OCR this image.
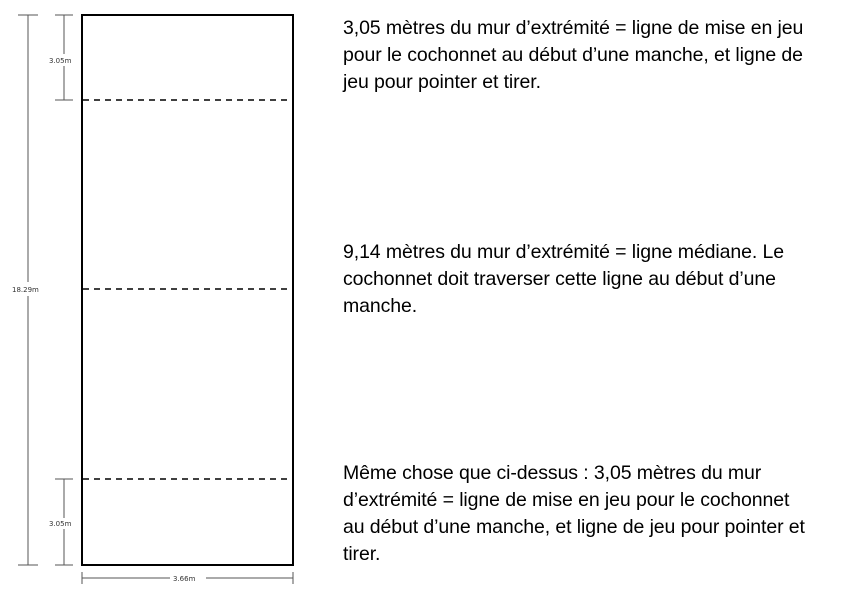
18.29m
3.05m
3.05m
3.66m

3,05 mètres du mur d’extrémité = ligne de mise en jeu pour le cochonnet au début d’une manche, et ligne de jeu pour pointer et tirer.

9,14 mètres du mur d’extrémité = ligne médiane. Le cochonnet doit traverser cette ligne au début d’une manche.

Même chose que ci-dessus : 3,05 mètres du mur d’extrémité = ligne de mise en jeu pour le cochonnet au début d’une manche, et ligne de jeu pour pointer et tirer.
